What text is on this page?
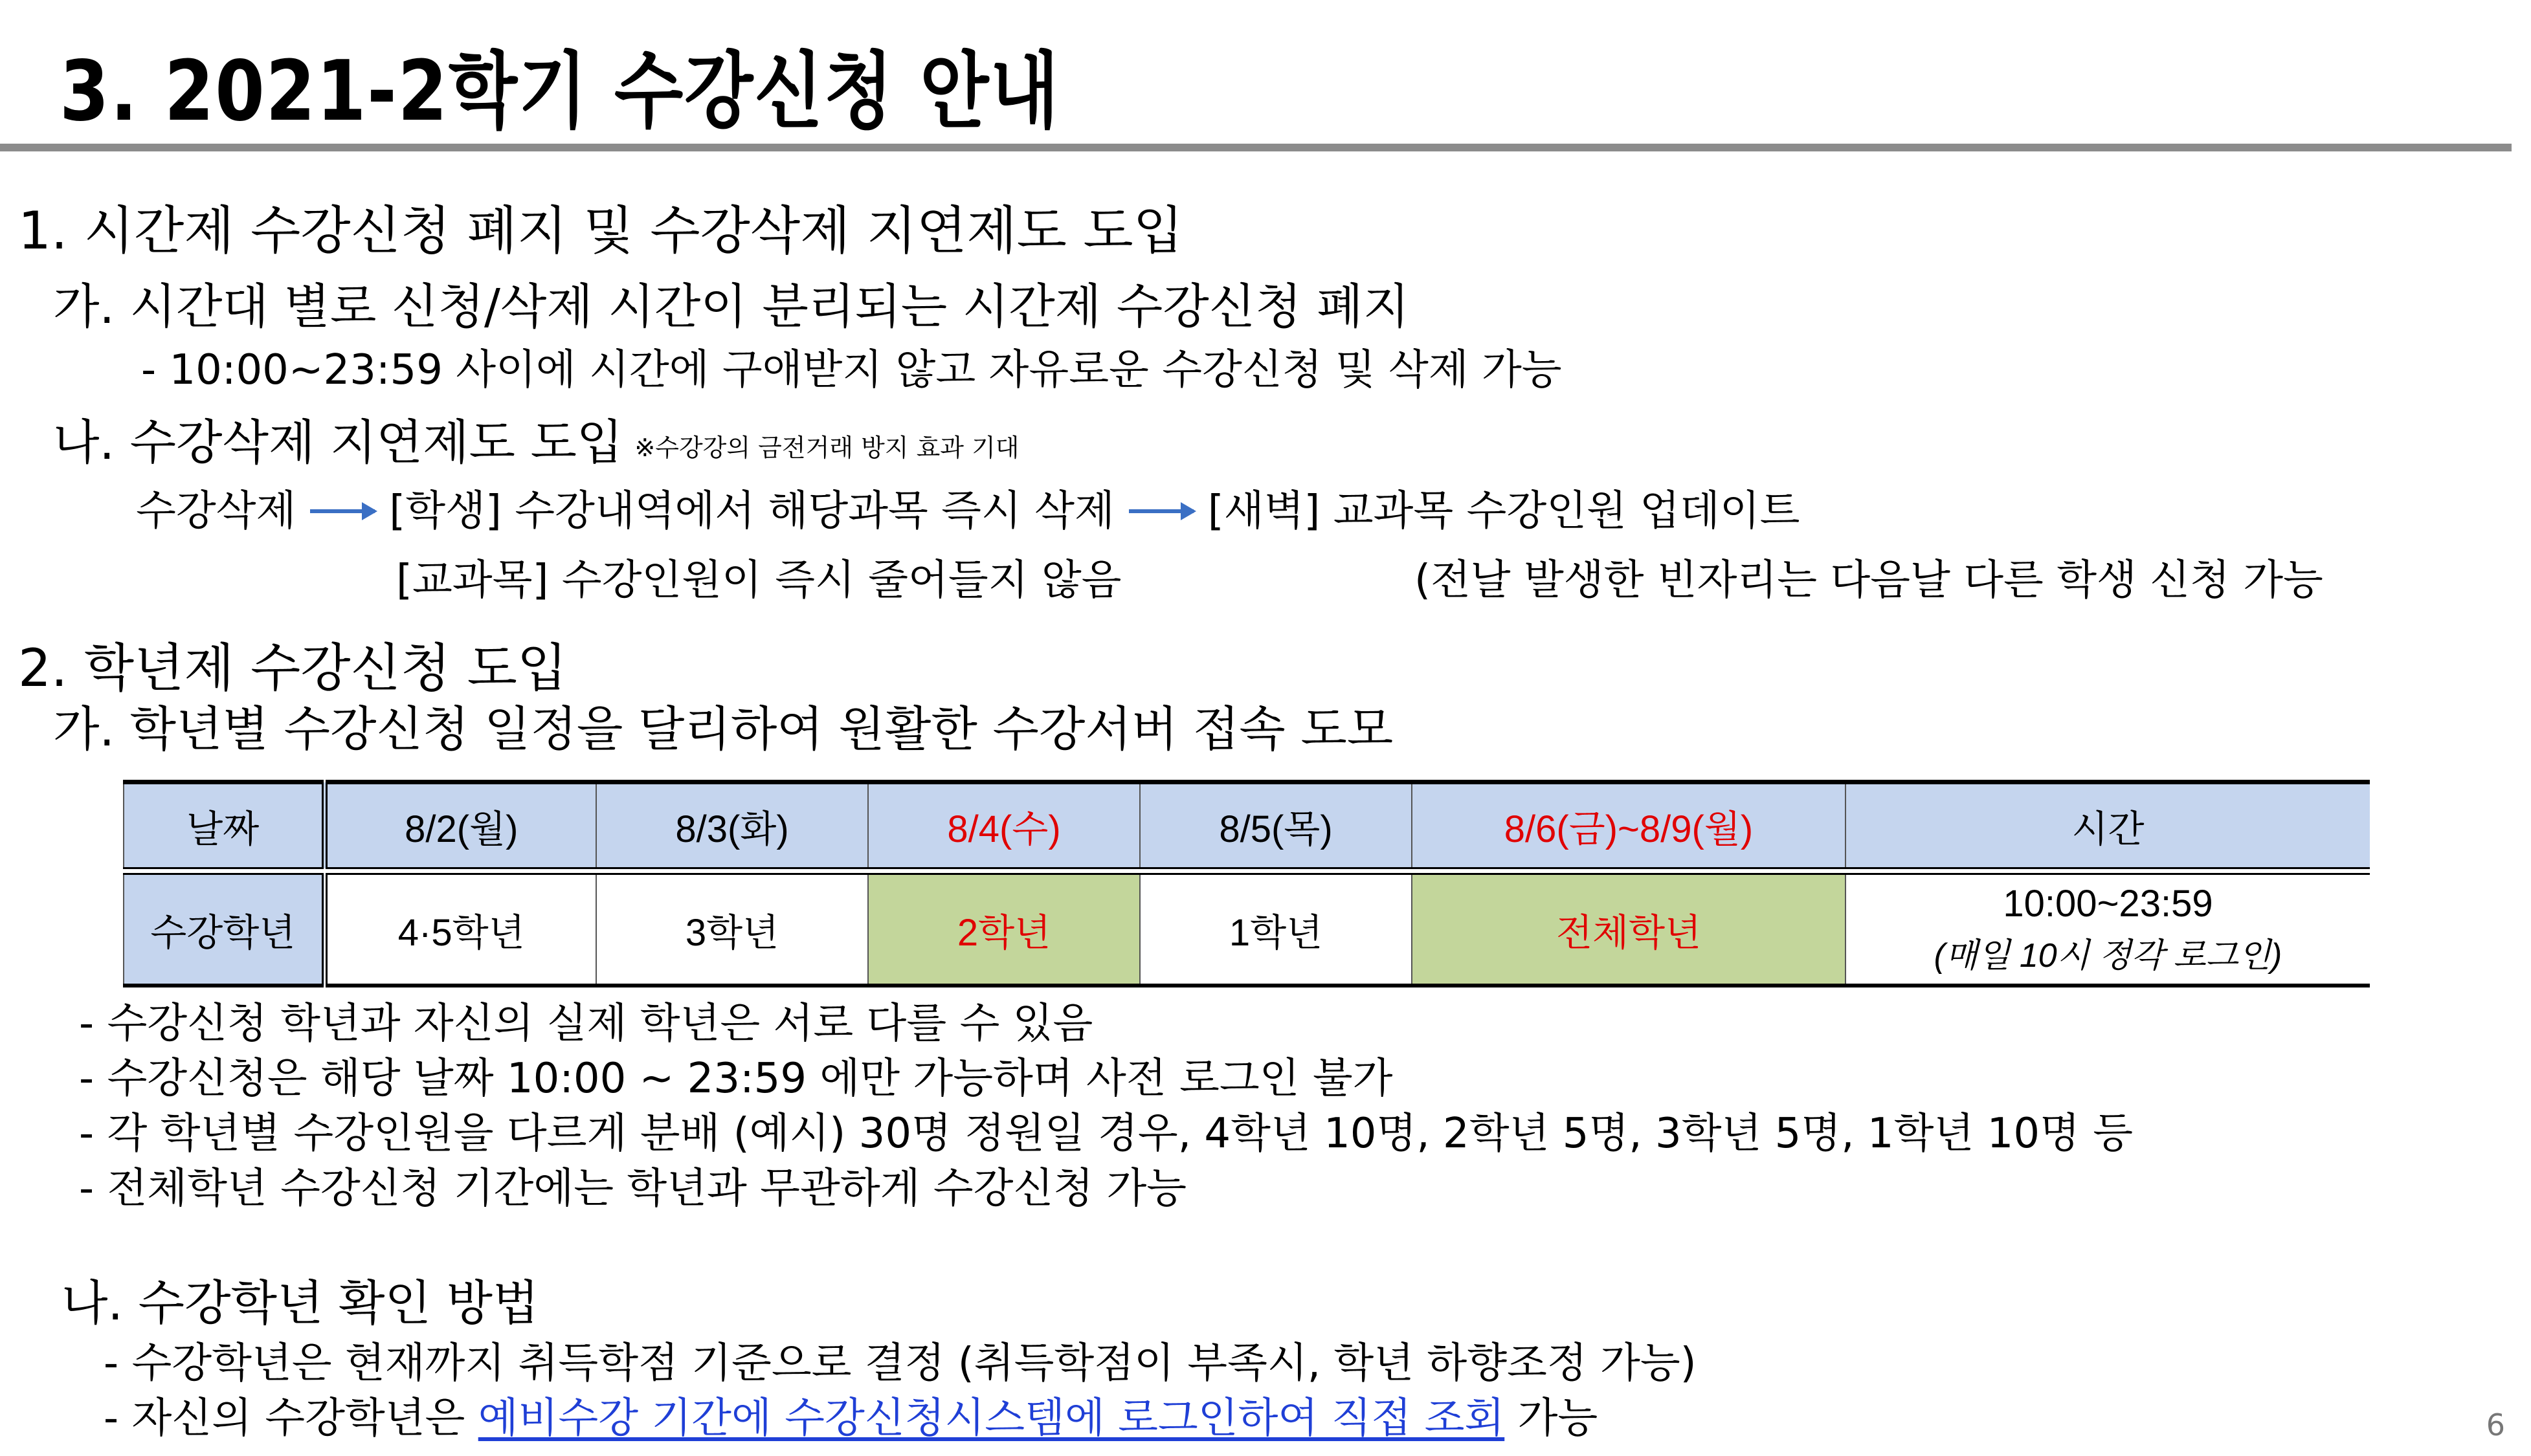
3. 2021-2학기 수강신청 안내
1. 시간제 수강신청 폐지 및 수강삭제 지연제도 도입
가. 시간대 별로 신청/삭제 시간이 분리되는 시간제 수강신청 폐지
- 10:00~23:59 사이에 시간에 구애받지 않고 자유로운 수강신청 및 삭제 가능
나. 수강삭제 지연제도 도입 ※수강강의 금전거래 방지 효과 기대
수강삭제 [학생] 수강내역에서 해당과목 즉시 삭제 [새벽] 교과목 수강인원 업데이트
[교과목] 수강인원이 즉시 줄어들지 않음	(전날 발생한 빈자리는 다음날 다른 학생 신청 가능
2. 학년제 수강신청 도입
가. 학년별 수강신청 일정을 달리하여 원활한 수강서버 접속 도모
날짜	8/2(월)	8/3(화)	8/4(수)	8/5(목)	8/6(금)~8/9(월)	시간

수강학년	4·5학년	3학년	2학년	1학년	전체학년	10:00~23:59
(매일 10시 정각 로그인)
- 수강신청 학년과 자신의 실제 학년은 서로 다를 수 있음
- 수강신청은 해당 날짜 10:00 ~ 23:59 에만 가능하며 사전 로그인 불가
- 각 학년별 수강인원을 다르게 분배 (예시) 30명 정원일 경우, 4학년 10명, 2학년 5명, 3학년 5명, 1학년 10명 등
- 전체학년 수강신청 기간에는 학년과 무관하게 수강신청 가능
나. 수강학년 확인 방법
- 수강학년은 현재까지 취득학점 기준으로 결정 (취득학점이 부족시, 학년 하향조정 가능)
- 자신의 수강학년은 예비수강 기간에 수강신청시스템에 로그인하여 직접 조회 가능	6
